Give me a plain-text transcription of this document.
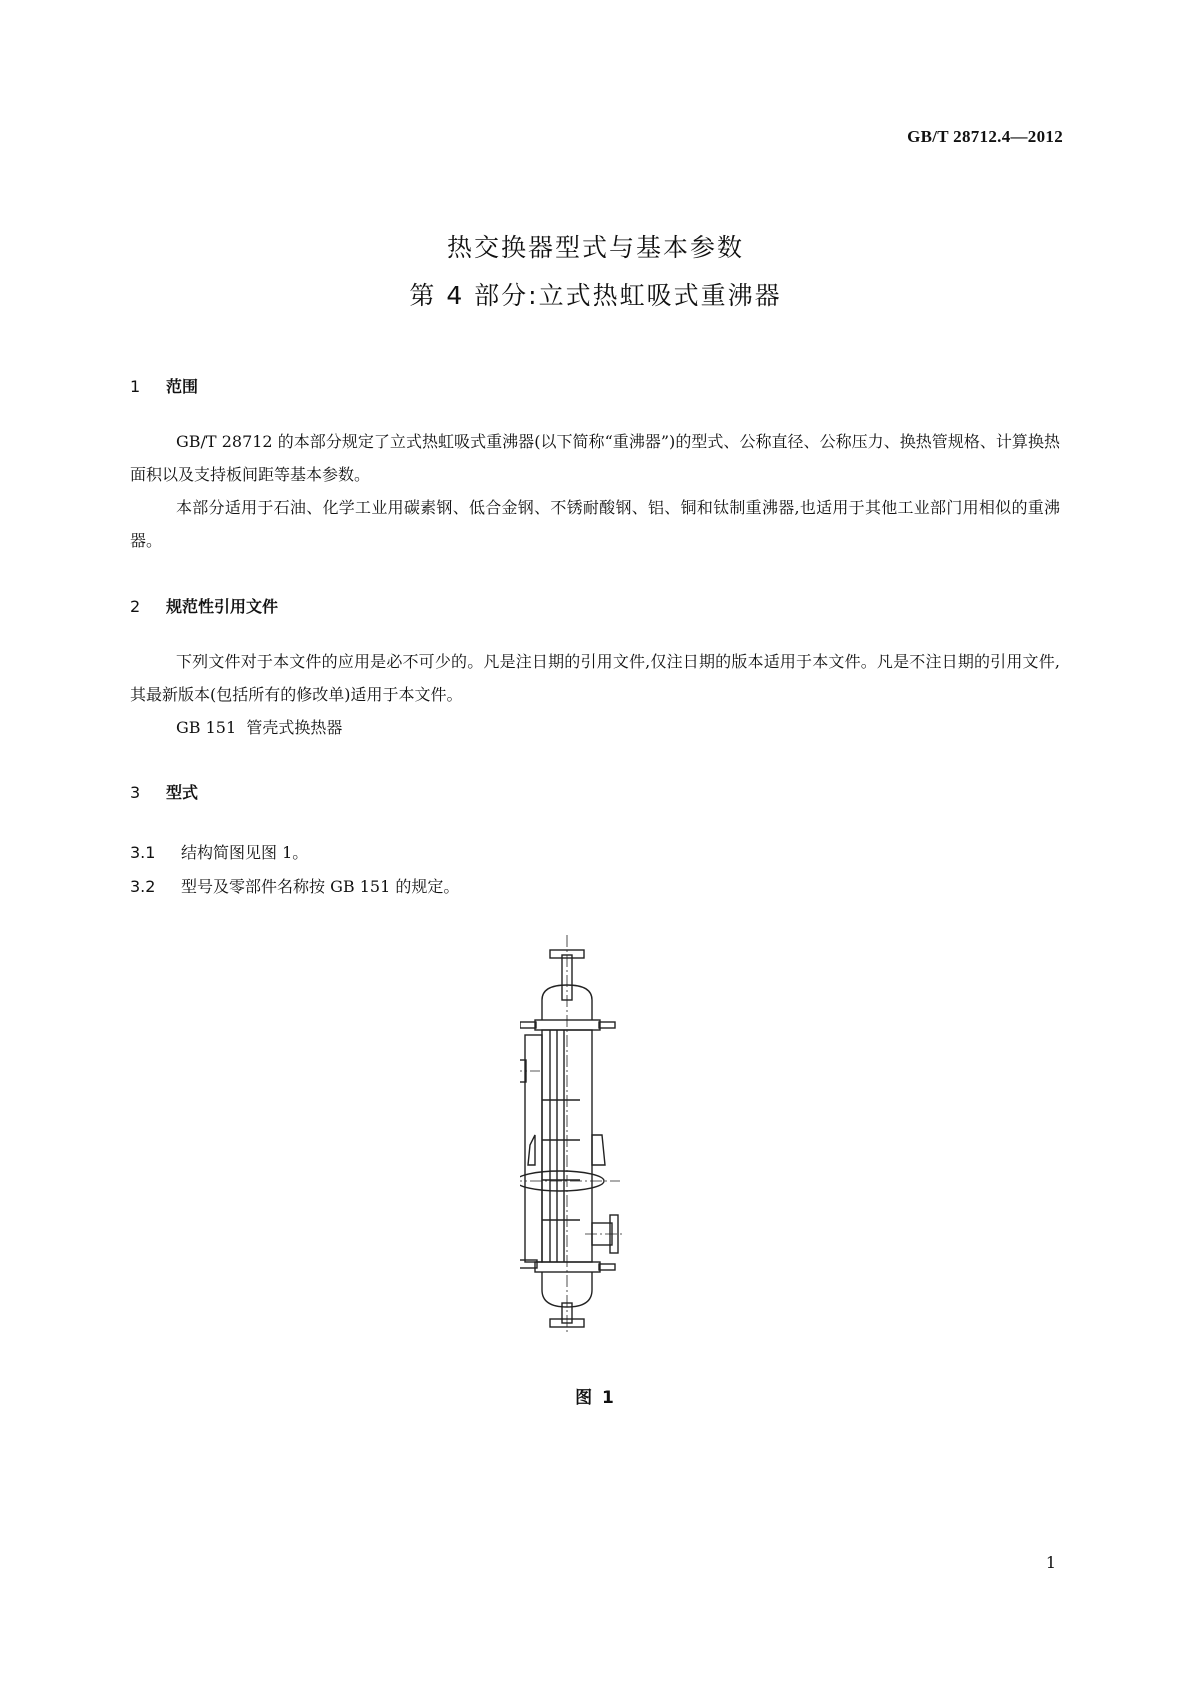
GB/T 28712.4—2012
热交换器型式与基本参数
第 4 部分:立式热虹吸式重沸器
1 范围
GB/T 28712 的本部分规定了立式热虹吸式重沸器(以下简称“重沸器”)的型式、公称直径、公称压力、换热管规格、计算换热面积以及支持板间距等基本参数。
本部分适用于石油、化学工业用碳素钢、低合金钢、不锈耐酸钢、铝、铜和钛制重沸器,也适用于其他工业部门用相似的重沸器。
2 规范性引用文件
下列文件对于本文件的应用是必不可少的。凡是注日期的引用文件,仅注日期的版本适用于本文件。凡是不注日期的引用文件,其最新版本(包括所有的修改单)适用于本文件。
GB 151  管壳式换热器
3 型式
3.1 结构简图见图 1。
3.2 型号及零部件名称按 GB 151 的规定。
图 1
1
